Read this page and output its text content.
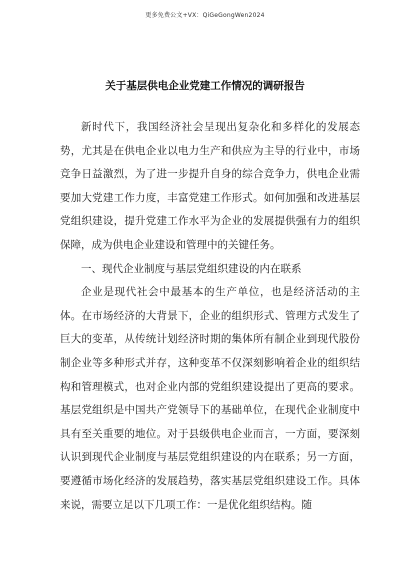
更多免费公文+VX：QiGeGongWen2024
关于基层供电企业党建工作情况的调研报告

新时代下，我国经济社会呈现出复杂化和多样化的发展态势，尤其是在供电企业以电力生产和供应为主导的行业中，市场竞争日益激烈，为了进一步提升自身的综合竞争力，供电企业需要加大党建工作力度，丰富党建工作形式。如何加强和改进基层党组织建设，提升党建工作水平为企业的发展提供强有力的组织保障，成为供电企业建设和管理中的关键任务。

一、现代企业制度与基层党组织建设的内在联系

企业是现代社会中最基本的生产单位，也是经济活动的主体。在市场经济的大背景下，企业的组织形式、管理方式发生了巨大的变革，从传统计划经济时期的集体所有制企业到现代股份制企业等多种形式并存，这种变革不仅深刻影响着企业的组织结构和管理模式，也对企业内部的党组织建设提出了更高的要求。基层党组织是中国共产党领导下的基础单位，在现代企业制度中具有至关重要的地位。对于县级供电企业而言，一方面，要深刻认识到现代企业制度与基层党组织建设的内在联系；另一方面，要遵循市场化经济的发展趋势，落实基层党组织建设工作。具体来说，需要立足以下几项工作：一是优化组织结构。随
